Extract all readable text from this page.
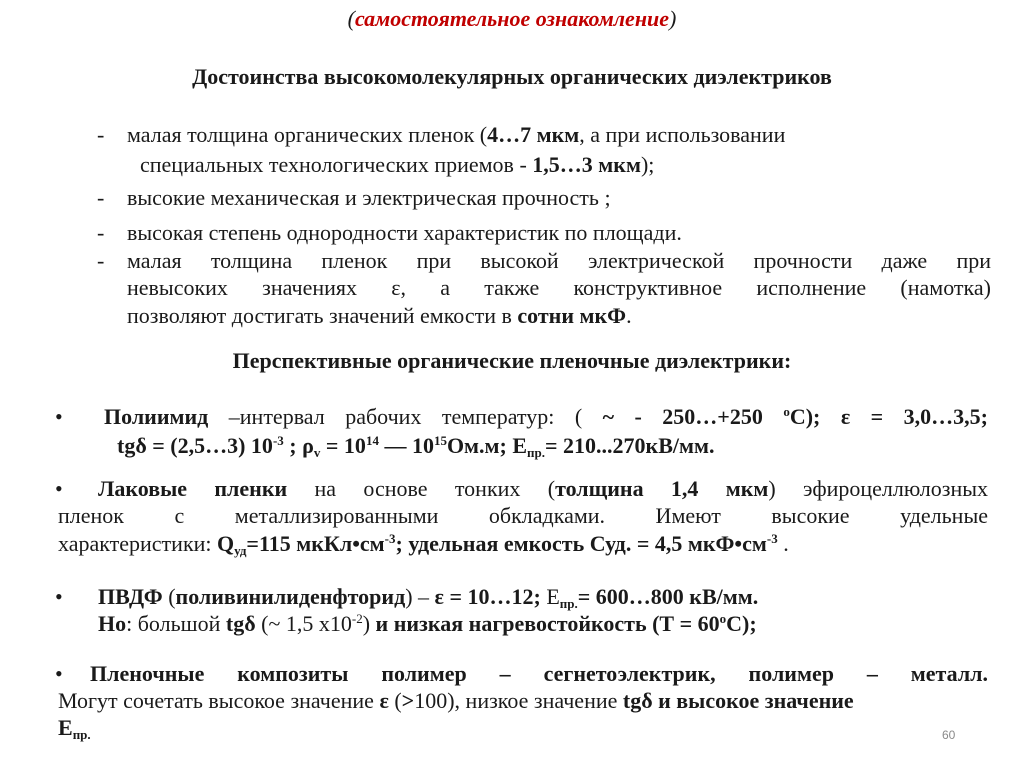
(самостоятельное ознакомление)
Достоинства высокомолекулярных органических диэлектриков
- малая толщина органических пленок (4…7 мкм, а при использовании
специальных технологических приемов - 1,5…3 мкм);
- высокие механическая и электрическая прочность ;
- высокая степень однородности характеристик по площади.
- малая толщина пленок при высокой электрической прочности даже при
невысоких значениях ε, а также конструктивное исполнение (намотка)
позволяют достигать значений емкости в сотни мкФ.
Перспективные органические пленочные диэлектрики:
• Полиимид –интервал рабочих температур: ( ~ - 250…+250 $^o$С); ε = 3,0…3,5;
tgδ = (2,5…3) $10^{-3}$ ; $\rho_v = 10^{14}$ — $10^{15}Ом.м$; $Е_{пр.}= 210...270кВ/мм$.
• Лаковые пленки на основе тонких (толщина 1,4 мкм) эфироцеллюлозных
пленок с металлизированными обкладками. Имеют высокие удельные
характеристики: $Q_{уд}=115$ $мкКл•см^{-3}$; удельная емкость Суд. = 4,5 $мкФ•см^{-3}$ .
• ПВДФ (поливинилиденфторид) – ε = 10…12; $Е_{пр.}=$ 600…800 кВ/мм.
Но: большой tgδ (~ 1,5 $х10^{-2}$) и низкая нагревостойкость $(Т = 60^оС)$;
• Пленочные композиты полимер – сегнетоэлектрик, полимер – металл.
Могут сочетать высокое значение ε (>100), низкое значение tgδ и высокое значение
$Е_{пр.}$	60
